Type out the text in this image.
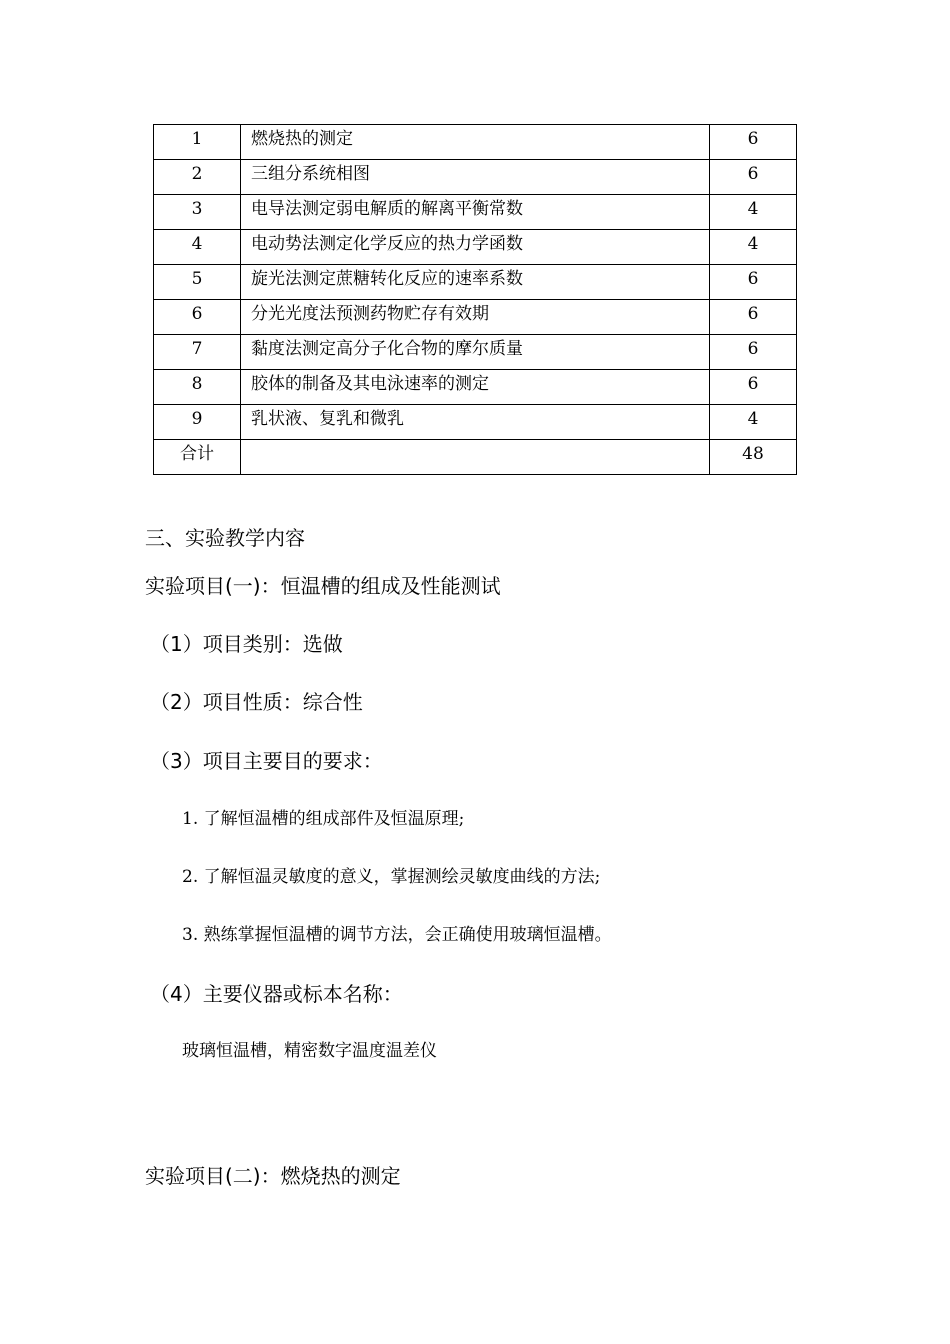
1	燃烧热的测定	6
2	三组分系统相图	6
3	电导法测定弱电解质的解离平衡常数	4
4	电动势法测定化学反应的热力学函数	4
5	旋光法测定蔗糖转化反应的速率系数	6
6	分光光度法预测药物贮存有效期	6
7	黏度法测定高分子化合物的摩尔质量	6
8	胶体的制备及其电泳速率的测定	6
9	乳状液、复乳和微乳	4
合计		48
三、实验教学内容
实验项目(一)：恒温槽的组成及性能测试
（1）项目类别：选做
（2）项目性质：综合性
（3）项目主要目的要求：
1. 了解恒温槽的组成部件及恒温原理;
2. 了解恒温灵敏度的意义，掌握测绘灵敏度曲线的方法;
3. 熟练掌握恒温槽的调节方法，会正确使用玻璃恒温槽。
（4）主要仪器或标本名称：
玻璃恒温槽，精密数字温度温差仪
实验项目(二)：燃烧热的测定
